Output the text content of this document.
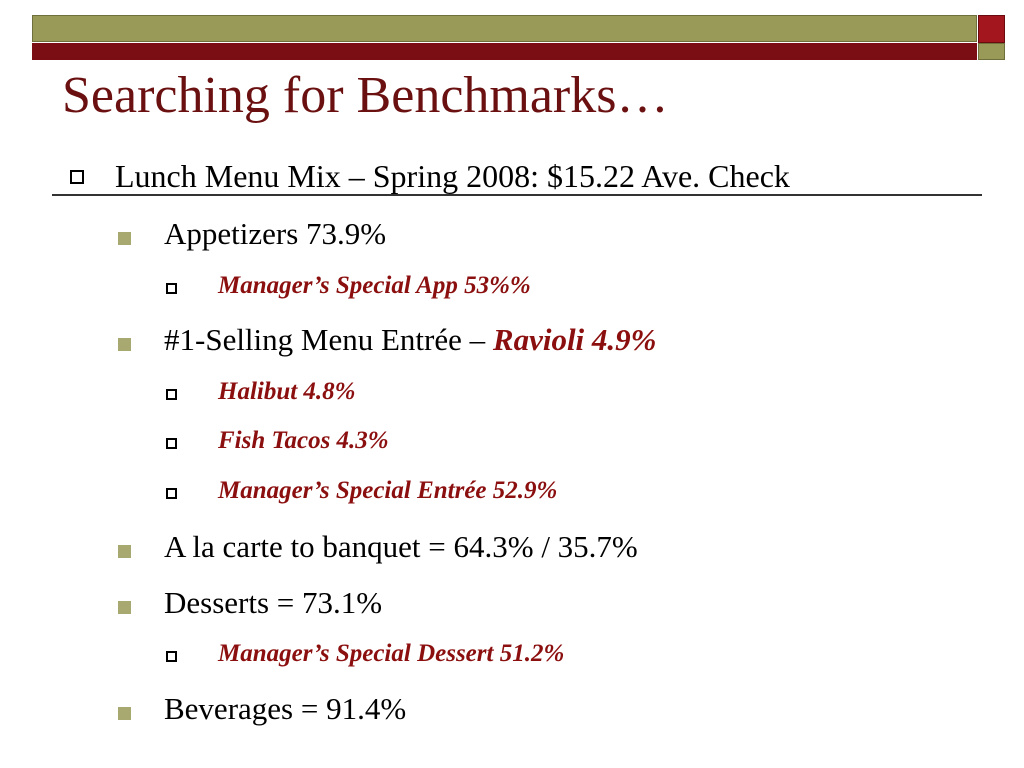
Searching for Benchmarks…
Lunch Menu Mix – Spring 2008: $15.22 Ave. Check
Appetizers 73.9%
Manager’s Special App 53%%
#1-Selling Menu Entrée – Ravioli 4.9%
Halibut 4.8%
Fish Tacos 4.3%
Manager’s Special Entrée 52.9%
A la carte to banquet = 64.3% / 35.7%
Desserts = 73.1%
Manager’s Special Dessert 51.2%
Beverages = 91.4%
